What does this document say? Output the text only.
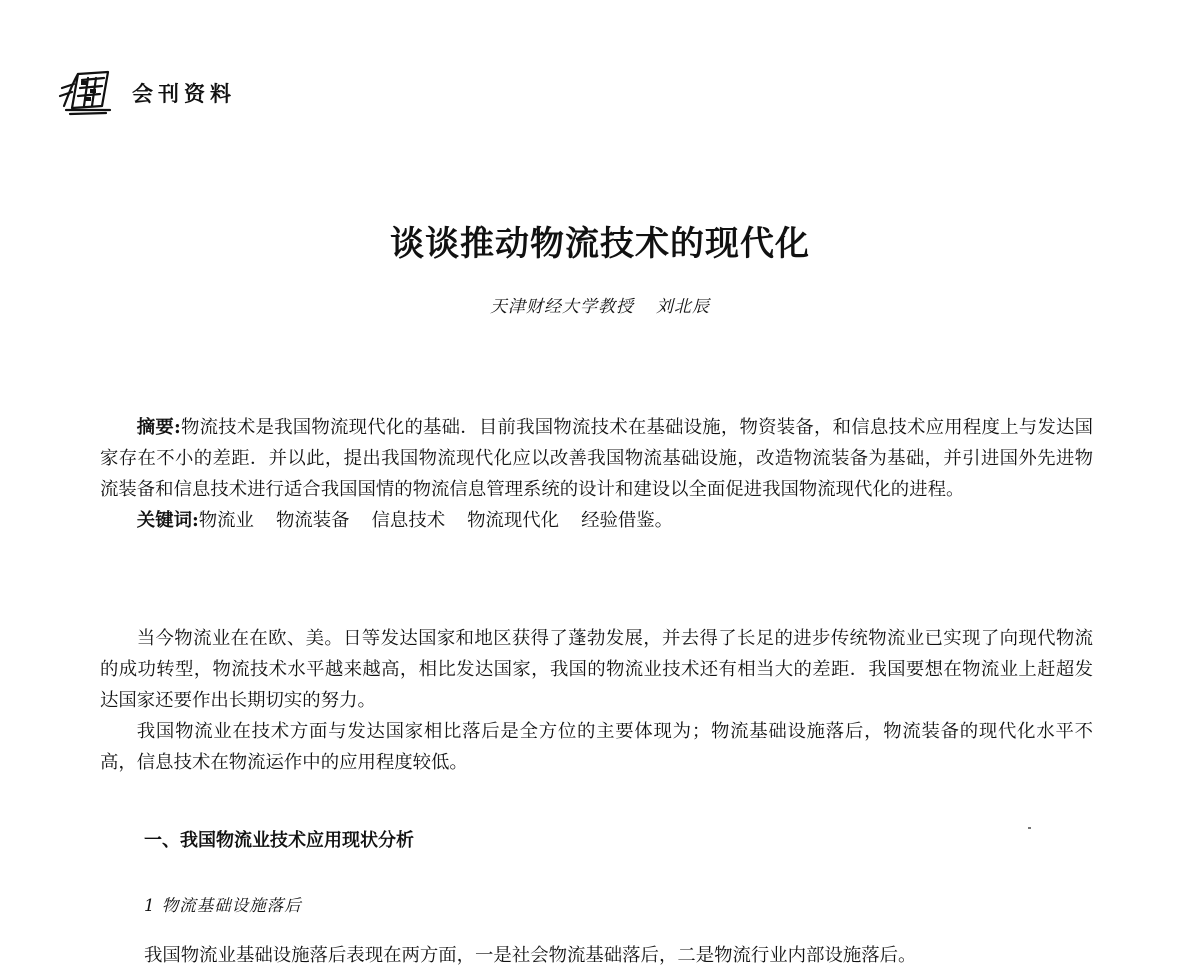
会刊资料
谈谈推动物流技术的现代化
天津财经大学教授 刘北辰

摘要:物流技术是我国物流现代化的基础．目前我国物流技术在基础设施，物资装备，和信息技术应用程度上与发达国家存在不小的差距．并以此，提出我国物流现代化应以改善我国物流基础设施，改造物流装备为基础，并引进国外先进物流装备和信息技术进行适合我国国情的物流信息管理系统的设计和建设以全面促进我国物流现代化的进程。

关键词:物流业 物流装备 信息技术 物流现代化 经验借鉴。

当今物流业在在欧、美。日等发达国家和地区获得了蓬勃发展，并去得了长足的进步传统物流业已实现了向现代物流的成功转型，物流技术水平越来越高，相比发达国家，我国的物流业技术还有相当大的差距．我国要想在物流业上赶超发达国家还要作出长期切实的努力。

我国物流业在技术方面与发达国家相比落后是全方位的主要体现为；物流基础设施落后，物流装备的现代化水平不高，信息技术在物流运作中的应用程度较低。

一、我国物流业技术应用现状分析
1 物流基础设施落后
我国物流业基础设施落后表现在两方面，一是社会物流基础落后，二是物流行业内部设施落后。
